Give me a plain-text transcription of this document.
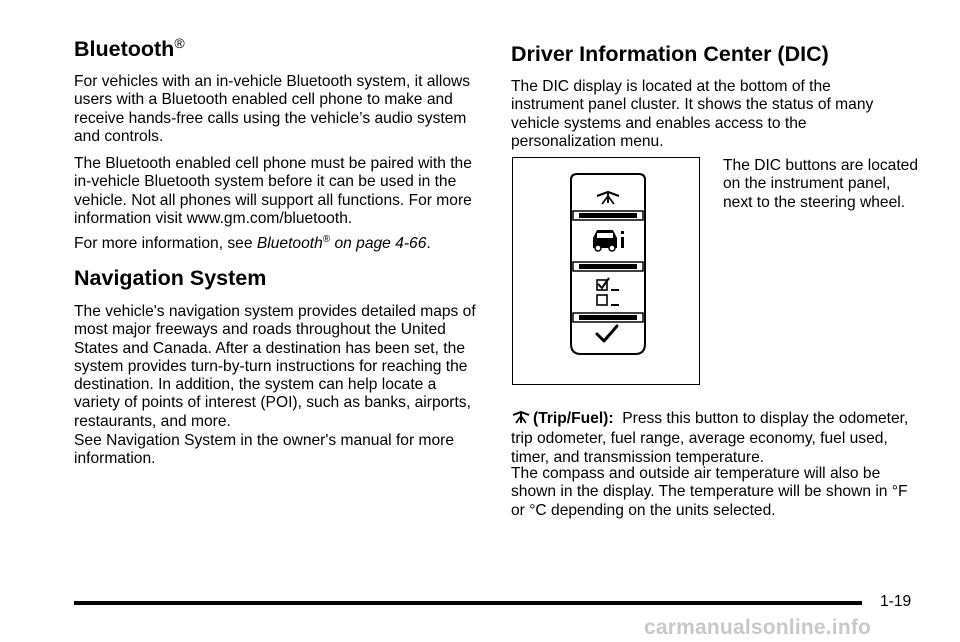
Bluetooth®

For vehicles with an in-vehicle Bluetooth system, it allows users with a Bluetooth enabled cell phone to make and receive hands-free calls using the vehicle’s audio system and controls.

The Bluetooth enabled cell phone must be paired with the in-vehicle Bluetooth system before it can be used in the vehicle. Not all phones will support all functions. For more information visit www.gm.com/bluetooth.

For more information, see Bluetooth® on page 4-66.

Navigation System

The vehicle's navigation system provides detailed maps of most major freeways and roads throughout the United States and Canada. After a destination has been set, the system provides turn-by-turn instructions for reaching the destination. In addition, the system can help locate a variety of points of interest (POI), such as banks, airports, restaurants, and more.

See Navigation System in the owner's manual for more information.

Driver Information Center (DIC)

The DIC display is located at the bottom of the instrument panel cluster. It shows the status of many vehicle systems and enables access to the personalization menu.

The DIC buttons are located on the instrument panel, next to the steering wheel.

(Trip/Fuel): Press this button to display the odometer, trip odometer, fuel range, average economy, fuel used, timer, and transmission temperature.

The compass and outside air temperature will also be shown in the display. The temperature will be shown in °F or °C depending on the units selected.

1-19
carmanualsonline.info
